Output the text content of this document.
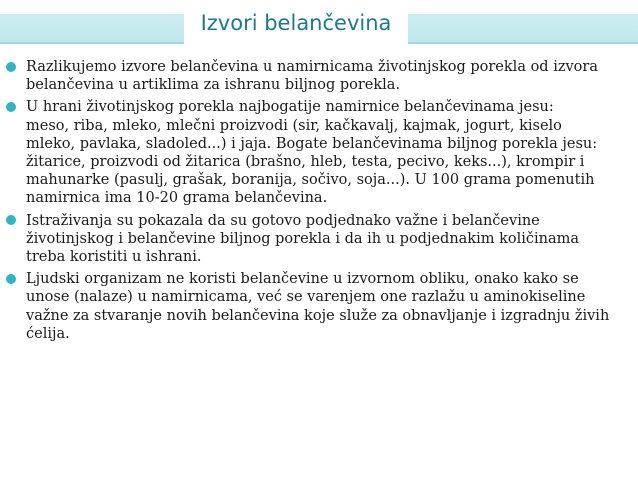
Izvori belančevina
Razlikujemo izvore belančevina u namirnicama životinjskog porekla od izvora
belančevina u artiklima za ishranu biljnog porekla.
U hrani životinjskog porekla najbogatije namirnice belančevinama jesu:
meso, riba, mleko, mlečni proizvodi (sir, kačkavalj, kajmak, jogurt, kiselo
mleko, pavlaka, sladoled...) i jaja. Bogate belančevinama biljnog porekla jesu:
žitarice, proizvodi od žitarica (brašno, hleb, testa, pecivo, keks...), krompir i
mahunarke (pasulj, grašak, boranija, sočivo, soja...). U 100 grama pomenutih
namirnica ima 10-20 grama belančevina.
Istraživanja su pokazala da su gotovo podjednako važne i belančevine
životinjskog i belančevine biljnog porekla i da ih u podjednakim količinama
treba koristiti u ishrani.
Ljudski organizam ne koristi belančevine u izvornom obliku, onako kako se
unose (nalaze) u namirnicama, već se varenjem one razlažu u aminokiseline
važne za stvaranje novih belančevina koje služe za obnavljanje i izgradnju živih
ćelija.
